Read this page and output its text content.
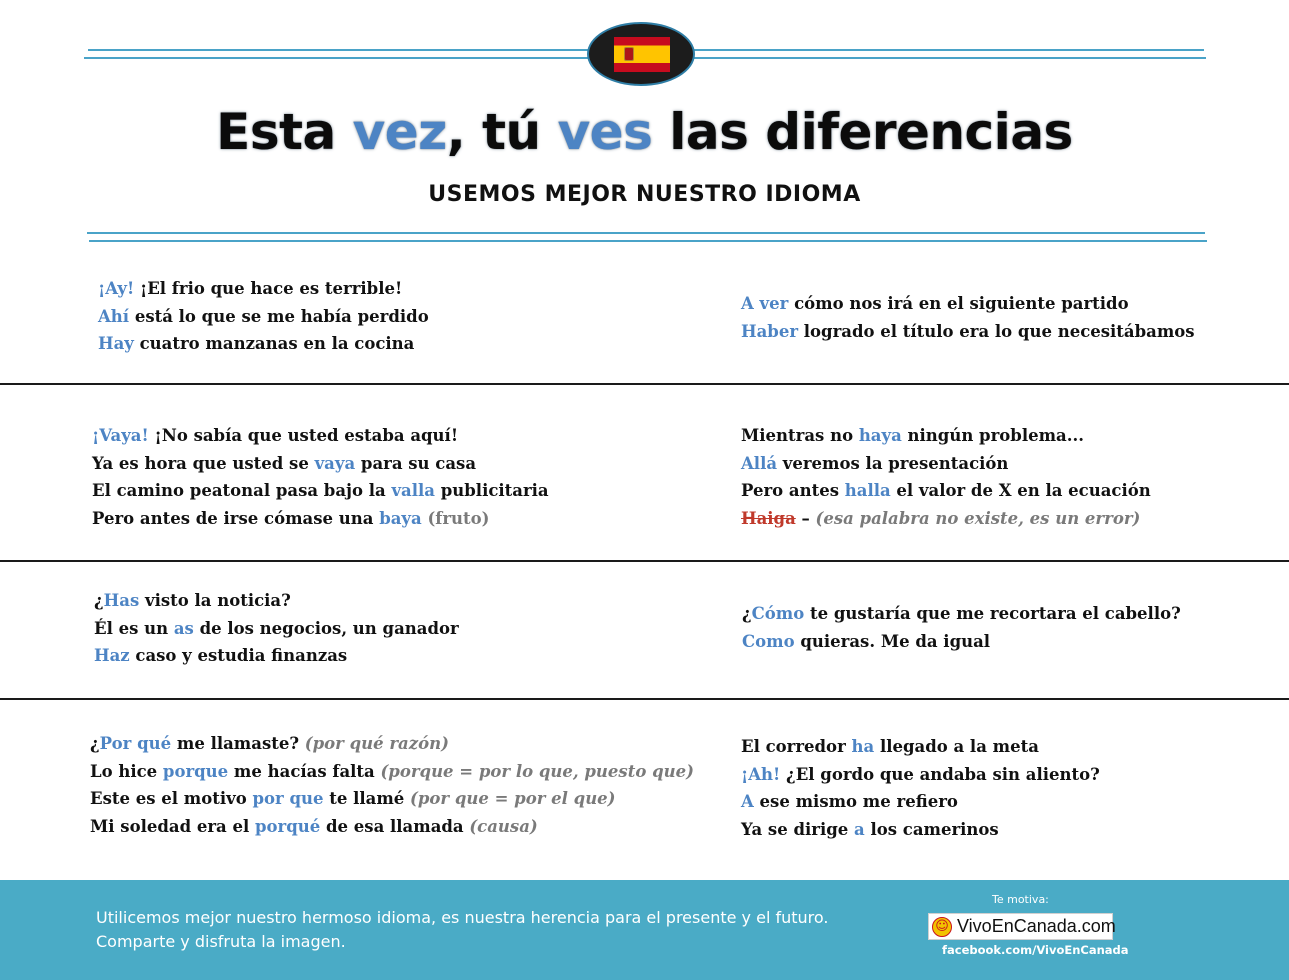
Esta vez, tú ves las diferencias
USEMOS MEJOR NUESTRO IDIOMA

¡Ay! ¡El frio que hace es terrible!

Ahí está lo que se me había perdido

Hay cuatro manzanas en la cocina

A ver cómo nos irá en el siguiente partido

Haber logrado el título era lo que necesitábamos

¡Vaya! ¡No sabía que usted estaba aquí!

Ya es hora que usted se vaya para su casa

El camino peatonal pasa bajo la valla publicitaria

Pero antes de irse cómase una baya (fruto)

Mientras no haya ningún problema...

Allá veremos la presentación

Pero antes halla el valor de X en la ecuación

Haiga – (esa palabra no existe, es un error)

¿Has visto la noticia?

Él es un as de los negocios, un ganador

Haz caso y estudia finanzas

¿Cómo te gustaría que me recortara el cabello?

Como quieras. Me da igual

¿Por qué me llamaste? (por qué razón)

Lo hice porque me hacías falta (porque = por lo que, puesto que)

Este es el motivo por que te llamé (por que = por el que)

Mi soledad era el porqué de esa llamada (causa)

El corredor ha llegado a la meta

¡Ah! ¿El gordo que andaba sin aliento?

A ese mismo me refiero

Ya se dirige a los camerinos

Utilicemos mejor nuestro hermoso idioma, es nuestra herencia para el presente y el futuro.

Comparte y disfruta la imagen.

Te motiva:
☺ VivoEnCanada.com
facebook.com/VivoEnCanada
